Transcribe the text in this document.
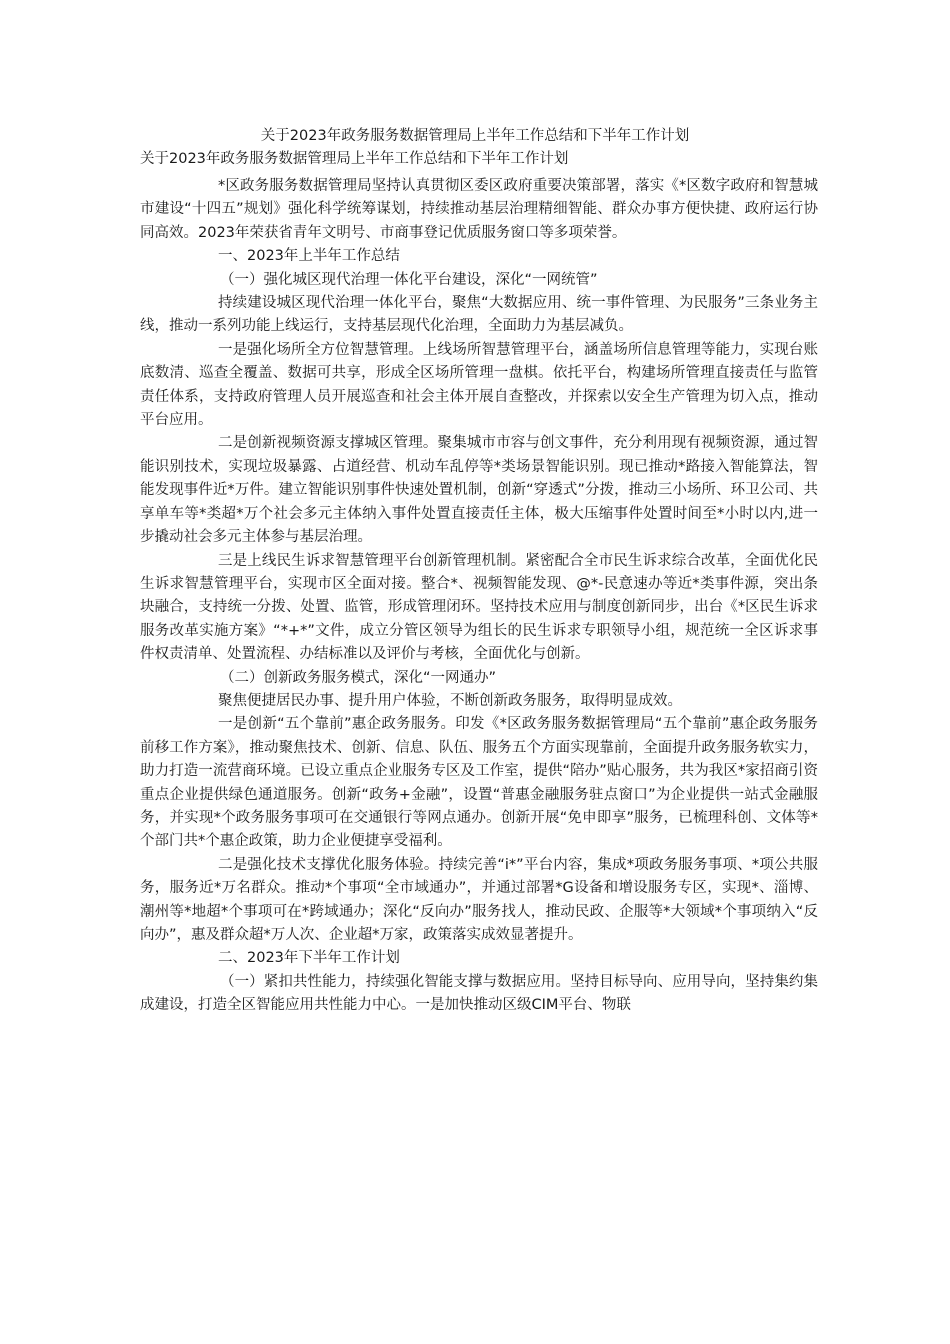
关于2023年政务服务数据管理局上半年工作总结和下半年工作计划
关于2023年政务服务数据管理局上半年工作总结和下半年工作计划

*区政务服务数据管理局坚持认真贯彻区委区政府重要决策部署，落实《*区数字政府和智慧城市建设“十四五”规划》强化科学统筹谋划，持续推动基层治理精细智能、群众办事方便快捷、政府运行协同高效。2023年荣获省青年文明号、市商事登记优质服务窗口等多项荣誉。

一、2023年上半年工作总结

（一）强化城区现代治理一体化平台建设，深化“一网统管”

持续建设城区现代治理一体化平台，聚焦“大数据应用、统一事件管理、为民服务”三条业务主线，推动一系列功能上线运行，支持基层现代化治理，全面助力为基层减负。

一是强化场所全方位智慧管理。上线场所智慧管理平台，涵盖场所信息管理等能力，实现台账底数清、巡查全覆盖、数据可共享，形成全区场所管理一盘棋。依托平台，构建场所管理直接责任与监管责任体系，支持政府管理人员开展巡查和社会主体开展自查整改，并探索以安全生产管理为切入点，推动平台应用。

二是创新视频资源支撑城区管理。聚集城市市容与创文事件，充分利用现有视频资源，通过智能识别技术，实现垃圾暴露、占道经营、机动车乱停等*类场景智能识别。现已推动*路接入智能算法，智能发现事件近*万件。建立智能识别事件快速处置机制，创新“穿透式”分拨，推动三小场所、环卫公司、共享单车等*类超*万个社会多元主体纳入事件处置直接责任主体，极大压缩事件处置时间至*小时以内,进一步撬动社会多元主体参与基层治理。

三是上线民生诉求智慧管理平台创新管理机制。紧密配合全市民生诉求综合改革，全面优化民生诉求智慧管理平台，实现市区全面对接。整合*、视频智能发现、@*-民意速办等近*类事件源，突出条块融合，支持统一分拨、处置、监管，形成管理闭环。坚持技术应用与制度创新同步，出台《*区民生诉求服务改革实施方案》“*+*”文件，成立分管区领导为组长的民生诉求专职领导小组，规范统一全区诉求事件权责清单、处置流程、办结标准以及评价与考核，全面优化与创新。

（二）创新政务服务模式，深化“一网通办”

聚焦便捷居民办事、提升用户体验，不断创新政务服务，取得明显成效。

一是创新“五个靠前”惠企政务服务。印发《*区政务服务数据管理局“五个靠前”惠企政务服务前移工作方案》，推动聚焦技术、创新、信息、队伍、服务五个方面实现靠前，全面提升政务服务软实力，助力打造一流营商环境。已设立重点企业服务专区及工作室，提供“陪办”贴心服务，共为我区*家招商引资重点企业提供绿色通道服务。创新“政务+金融”，设置“普惠金融服务驻点窗口”为企业提供一站式金融服务，并实现*个政务服务事项可在交通银行等网点通办。创新开展“免申即享”服务，已梳理科创、文体等*个部门共*个惠企政策，助力企业便捷享受福利。

二是强化技术支撑优化服务体验。持续完善“i*”平台内容，集成*项政务服务事项、*项公共服务，服务近*万名群众。推动*个事项“全市域通办”，并通过部署*G设备和增设服务专区，实现*、淄博、潮州等*地超*个事项可在*跨域通办；深化“反向办”服务找人，推动民政、企服等*大领域*个事项纳入“反向办”，惠及群众超*万人次、企业超*万家，政策落实成效显著提升。

二、2023年下半年工作计划

（一）紧扣共性能力，持续强化智能支撑与数据应用。坚持目标导向、应用导向，坚持集约集成建设，打造全区智能应用共性能力中心。一是加快推动区级CIM平台、物联
